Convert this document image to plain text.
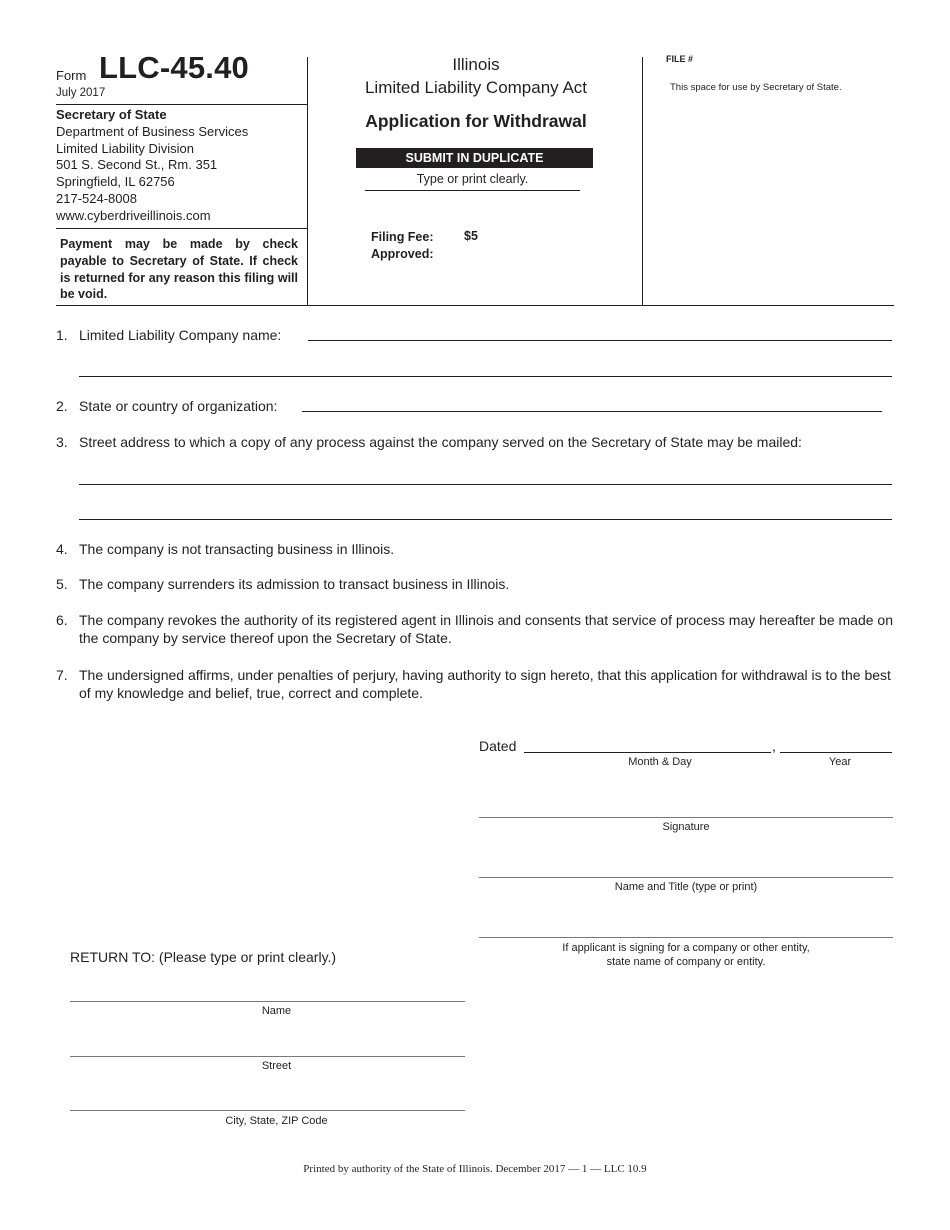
Form LLC-45.40
July 2017
Secretary of State
Department of Business Services
Limited Liability Division
501 S. Second St., Rm. 351
Springfield, IL 62756
217-524-8008
www.cyberdriveillinois.com
Payment may be made by check payable to Secretary of State. If check is returned for any reason this filing will be void.
Illinois
Limited Liability Company Act
Application for Withdrawal
SUBMIT IN DUPLICATE
Type or print clearly.
Filing Fee:
Approved:
$5
FILE #
This space for use by Secretary of State.
1. Limited Liability Company name:
2. State or country of organization:
3. Street address to which a copy of any process against the company served on the Secretary of State may be mailed:
4. The company is not transacting business in Illinois.
5. The company surrenders its admission to transact business in Illinois.
6. The company revokes the authority of its registered agent in Illinois and consents that service of process may hereafter be made on the company by service thereof upon the Secretary of State.
7. The undersigned affirms, under penalties of perjury, having authority to sign hereto, that this application for withdrawal is to the best of my knowledge and belief, true, correct and complete.
Dated	,
Month & Day	Year
Signature
Name and Title (type or print)
If applicant is signing for a company or other entity,
state name of company or entity.
RETURN TO: (Please type or print clearly.)
Name
Street
City, State, ZIP Code
Printed by authority of the State of Illinois. December 2017 — 1 — LLC 10.9
